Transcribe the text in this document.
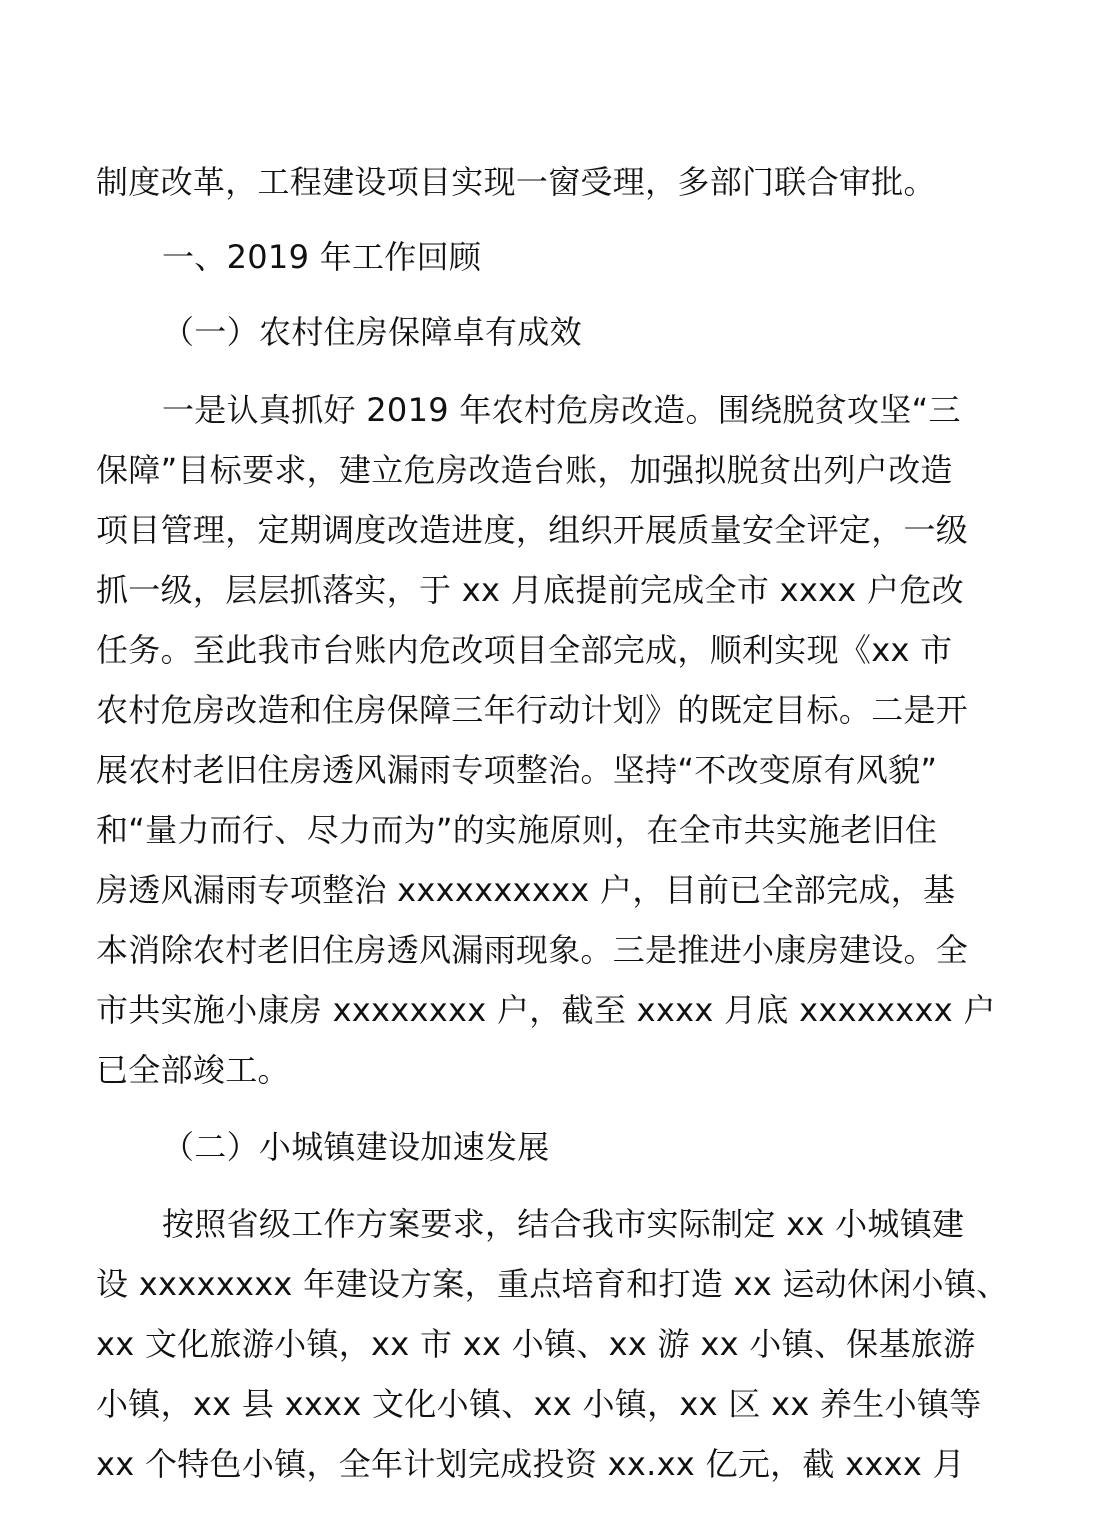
制度改革，工程建设项目实现一窗受理，多部门联合审批。
一、2019 年工作回顾
（一）农村住房保障卓有成效
一是认真抓好 2019 年农村危房改造。围绕脱贫攻坚“三
保障”目标要求，建立危房改造台账，加强拟脱贫出列户改造
项目管理，定期调度改造进度，组织开展质量安全评定，一级
抓一级，层层抓落实，于 xx 月底提前完成全市 xxxx 户危改
任务。至此我市台账内危改项目全部完成，顺利实现《xx 市
农村危房改造和住房保障三年行动计划》的既定目标。二是开
展农村老旧住房透风漏雨专项整治。坚持“不改变原有风貌”
和“量力而行、尽力而为”的实施原则，在全市共实施老旧住
房透风漏雨专项整治 xxxxxxxxxx 户，目前已全部完成，基
本消除农村老旧住房透风漏雨现象。三是推进小康房建设。全
市共实施小康房 xxxxxxxx 户，截至 xxxx 月底 xxxxxxxx 户
已全部竣工。
（二）小城镇建设加速发展
按照省级工作方案要求，结合我市实际制定 xx 小城镇建
设 xxxxxxxx 年建设方案，重点培育和打造 xx 运动休闲小镇、
xx 文化旅游小镇，xx 市 xx 小镇、xx 游 xx 小镇、保基旅游
小镇，xx 县 xxxx 文化小镇、xx 小镇，xx 区 xx 养生小镇等
xx 个特色小镇，全年计划完成投资 xx.xx 亿元，截 xxxx 月
